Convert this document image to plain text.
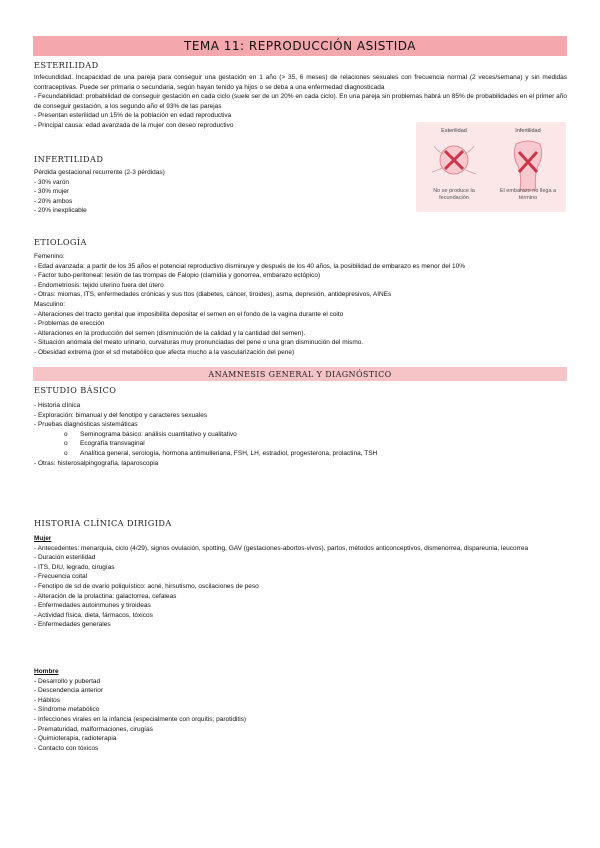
TEMA 11: REPRODUCCIÓN ASISTIDA
ESTERILIDAD
Infecundidad. Incapacidad de una pareja para conseguir una gestación en 1 año (> 35, 6 meses) de relaciones sexuales con frecuencia normal (2 veces/semana) y sin medidas contraceptivas. Puede ser primaria o secundaria, según hayan tenido ya hijos o se deba a una enfermedad diagnosticada
- Fecundabilidad: probabilidad de conseguir gestación en cada ciclo (suele ser de un 20% en cada ciclo). En una pareja sin problemas habrá un 85% de probabilidades en el primer año de conseguir gestación, a los segundo año el 93% de las parejas
- Presentan esterilidad un 15% de la población en edad reproductiva
- Principal causa: edad avanzada de la mujer con deseo reproductivo
Esterilidad	Infertilidad
No se produce la fecundación
El embarazo no llega a término
INFERTILIDAD
Pérdida gestacional recurrente (2-3 pérdidas)
- 30% varón
- 30% mujer
- 20% ambos
- 20% inexplicable
ETIOLOGÍA
Femenino:
- Edad avanzada: a partir de los 35 años el potencial reproductivo disminuye y después de los 40 años, la posibilidad de embarazo es menor del 10%
- Factor tubo-peritoneal: lesión de las trompas de Falopio (clamidia y gonorrea, embarazo ectópico)
- Endometriosis: tejido uterino fuera del útero
- Otras: miomas, ITS, enfermedades crónicas y sus ttos (diabetes, cáncer, tiroides), asma, depresión, antidepresivos, AINEs
Masculino:
- Alteraciones del tracto genital que imposibilita depositar el semen en el fondo de la vagina durante el coito
- Problemas de erección
- Alteraciones en la producción del semen (disminución de la calidad y la cantidad del semen).
- Situación anómala del meato urinario, curvaturas muy pronunciadas del pene o una gran disminución del mismo.
- Obesidad extrema (por el sd metabólico que afecta mucho a la vascularización del pene)
ANAMNESIS GENERAL Y DIAGNÓSTICO
ESTUDIO BÁSICO
- Historia clínica
- Exploración: bimanual y del fenotipo y caracteres sexuales
- Pruebas diagnósticas sistemáticas
o Seminograma básico: análisis cuantitativo y cualitativo
o Ecografía transvaginal
o Analítica general, serología, hormona antimulleriana, FSH, LH, estradiol, progesterona, prolactina, TSH
- Otras: histerosalpingografía, laparoscopia
HISTORIA CLÍNICA DIRIGIDA
Mujer
- Antecedentes: menarquia, ciclo (4/29), signos ovulación, spotting, GAV (gestaciones-abortos-vivos), partos, métodos anticonceptivos, dismenorrea, dispareunia, leucorrea
- Duración esterilidad
- ITS, DIU, legrado, cirugías
- Frecuencia coital
- Fenotipo de sd de ovario poliquístico: acné, hirsutismo, oscilaciones de peso
- Alteración de la prolactina: galactorrea, cefaleas
- Enfermedades autoinmunes y tiroideas
- Actividad física, dieta, fármacos, tóxicos
- Enfermedades generales
Hombre
- Desarrollo y pubertad
- Descendencia anterior
- Hábitos
- Síndrome metabólico
- Infecciones virales en la infancia (especialmente con orquitis; parotiditis)
- Prematuridad, malformaciones, cirugías
- Quimioterapia, radioterapia
- Contacto con tóxicos
